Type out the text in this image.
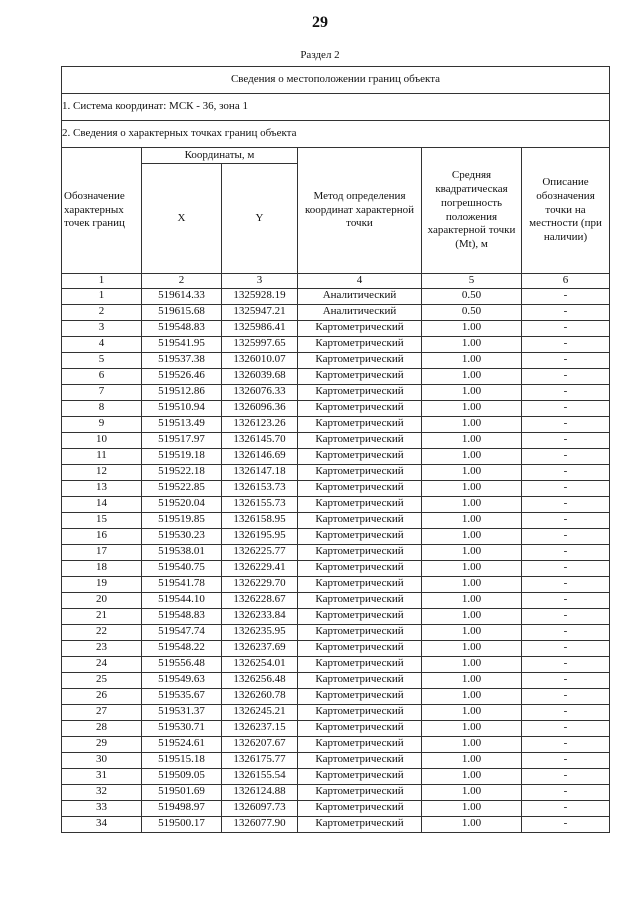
29
Раздел 2
Сведения о местоположении границ объекта					
1. Система координат: МСК - 36, зона 1					
2. Сведения о характерных точках границ объекта					
Обозначение характерных точек границ	Координаты, м		Метод определения координат характерной точки	Средняя квадратическая погрешность положения характерной точки (Mt), м	Описание обозначения точки на местности (при наличии)
	X	Y			
1	2	3	4	5	6
1	519614.33	1325928.19	Аналитический	0.50	-
2	519615.68	1325947.21	Аналитический	0.50	-
3	519548.83	1325986.41	Картометрический	1.00	-
4	519541.95	1325997.65	Картометрический	1.00	-
5	519537.38	1326010.07	Картометрический	1.00	-
6	519526.46	1326039.68	Картометрический	1.00	-
7	519512.86	1326076.33	Картометрический	1.00	-
8	519510.94	1326096.36	Картометрический	1.00	-
9	519513.49	1326123.26	Картометрический	1.00	-
10	519517.97	1326145.70	Картометрический	1.00	-
11	519519.18	1326146.69	Картометрический	1.00	-
12	519522.18	1326147.18	Картометрический	1.00	-
13	519522.85	1326153.73	Картометрический	1.00	-
14	519520.04	1326155.73	Картометрический	1.00	-
15	519519.85	1326158.95	Картометрический	1.00	-
16	519530.23	1326195.95	Картометрический	1.00	-
17	519538.01	1326225.77	Картометрический	1.00	-
18	519540.75	1326229.41	Картометрический	1.00	-
19	519541.78	1326229.70	Картометрический	1.00	-
20	519544.10	1326228.67	Картометрический	1.00	-
21	519548.83	1326233.84	Картометрический	1.00	-
22	519547.74	1326235.95	Картометрический	1.00	-
23	519548.22	1326237.69	Картометрический	1.00	-
24	519556.48	1326254.01	Картометрический	1.00	-
25	519549.63	1326256.48	Картометрический	1.00	-
26	519535.67	1326260.78	Картометрический	1.00	-
27	519531.37	1326245.21	Картометрический	1.00	-
28	519530.71	1326237.15	Картометрический	1.00	-
29	519524.61	1326207.67	Картометрический	1.00	-
30	519515.18	1326175.77	Картометрический	1.00	-
31	519509.05	1326155.54	Картометрический	1.00	-
32	519501.69	1326124.88	Картометрический	1.00	-
33	519498.97	1326097.73	Картометрический	1.00	-
34	519500.17	1326077.90	Картометрический	1.00	-
